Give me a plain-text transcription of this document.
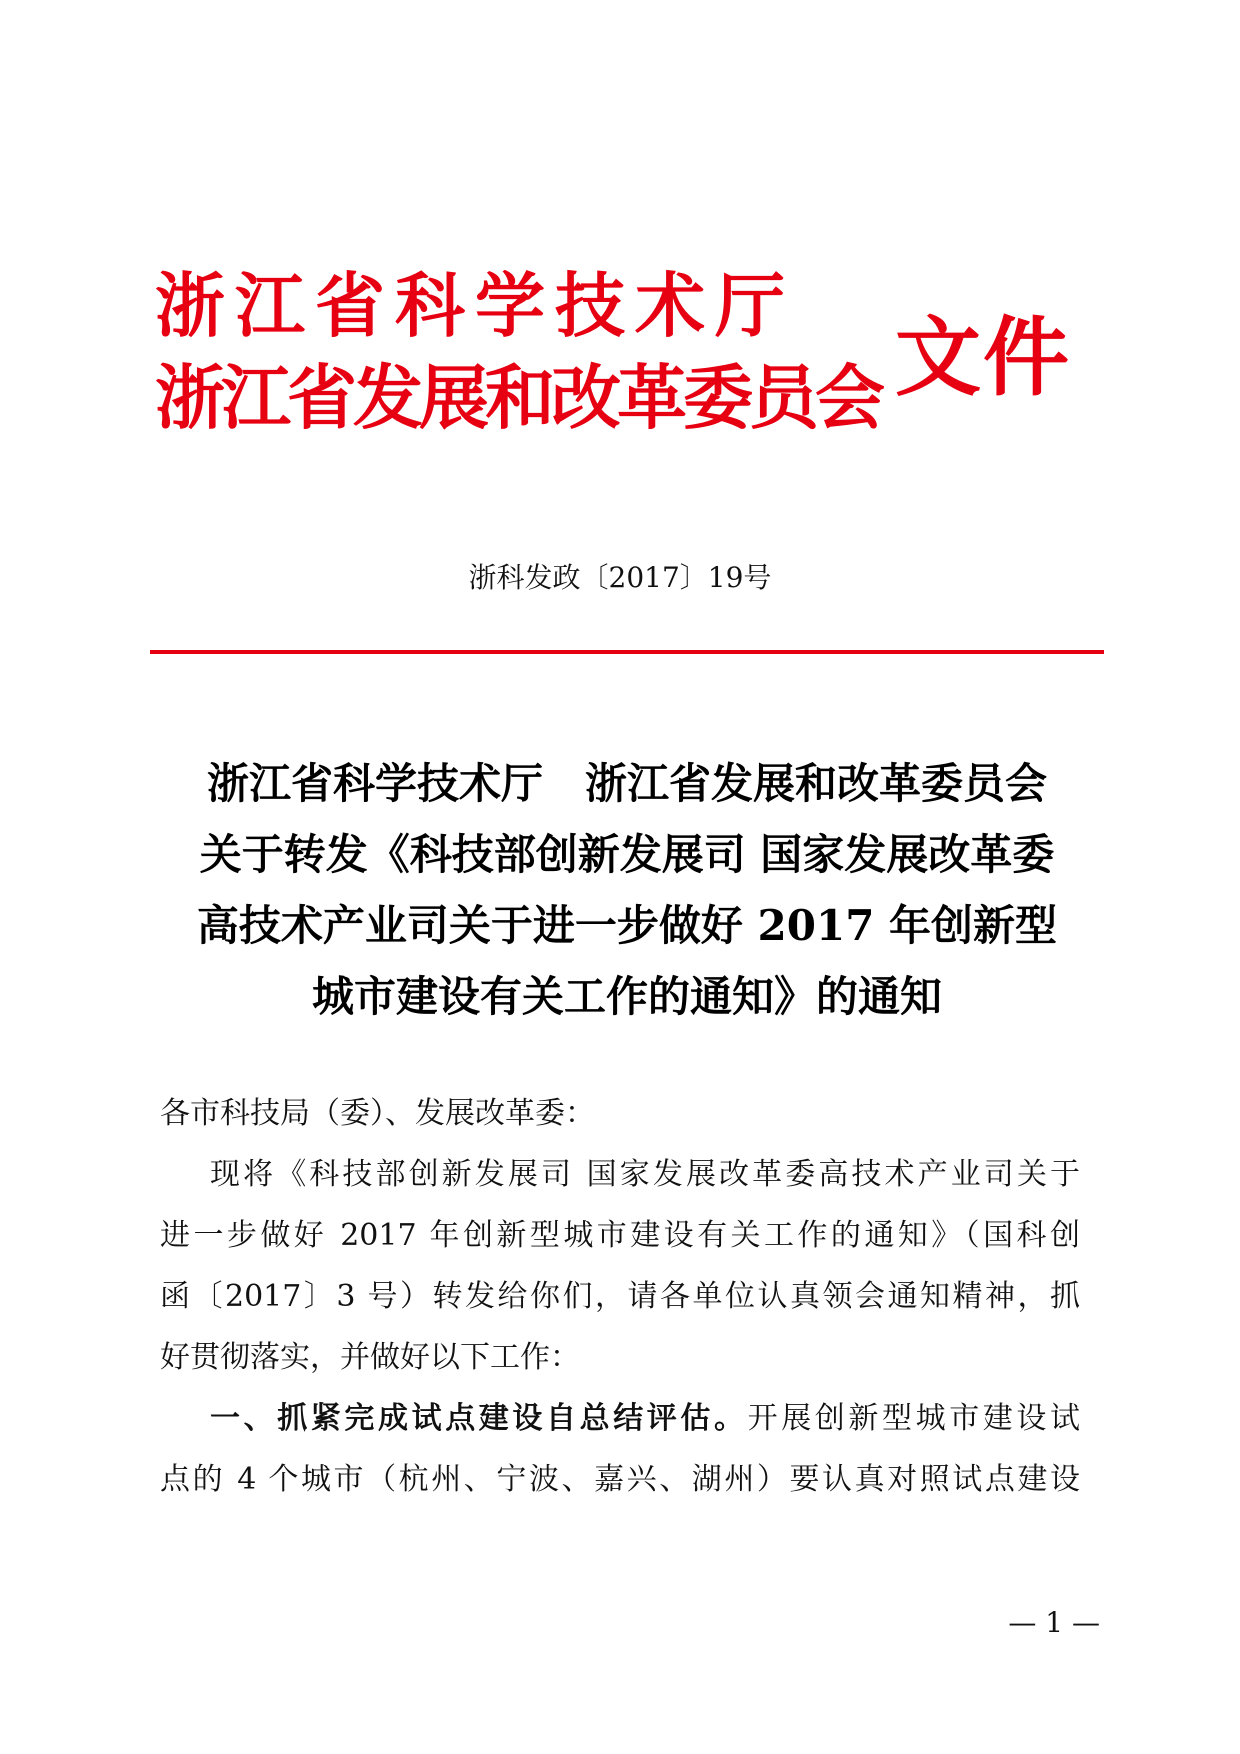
浙江省科学技术厅
浙江省发展和改革委员会 文件
浙科发政〔2017〕19号
浙江省科学技术厅　浙江省发展和改革委员会
关于转发《科技部创新发展司 国家发展改革委
高技术产业司关于进一步做好 2017 年创新型
城市建设有关工作的通知》的通知
各市科技局（委）、发展改革委：
现将《科技部创新发展司 国家发展改革委高技术产业司关于
进一步做好 2017 年创新型城市建设有关工作的通知》（国科创
函〔2017〕3 号）转发给你们，请各单位认真领会通知精神，抓
好贯彻落实，并做好以下工作：
一、抓紧完成试点建设自总结评估。开展创新型城市建设试
点的 4 个城市（杭州、宁波、嘉兴、湖州）要认真对照试点建设
— 1 —
